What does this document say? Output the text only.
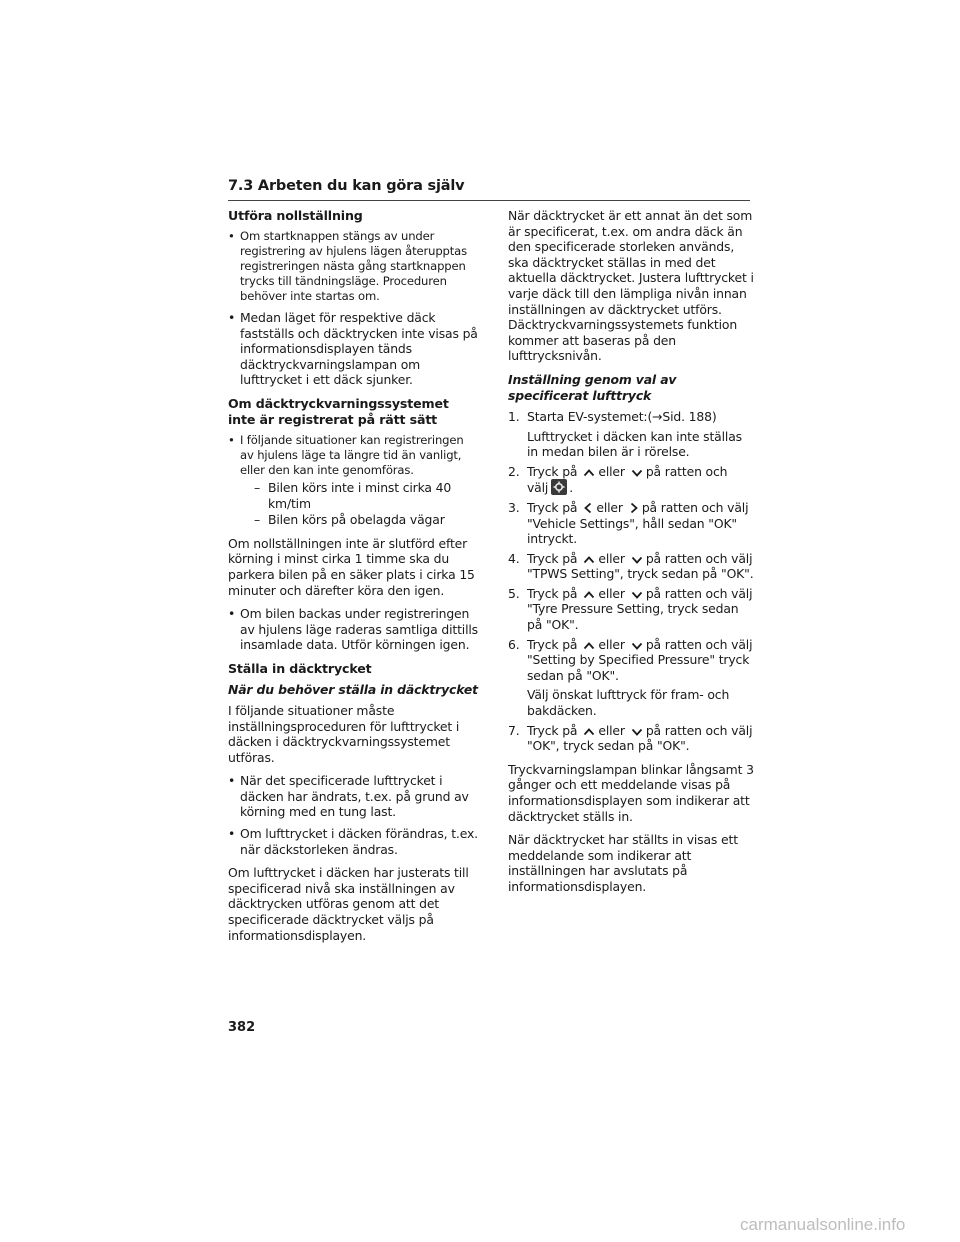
7.3 Arbeten du kan göra själv
Utföra nollställning
• Om startknappen stängs av under registrering av hjulens lägen återupptas registreringen nästa gång startknappen trycks till tändningsläge. Proceduren behöver inte startas om.
• Medan läget för respektive däck fastställs och däcktrycken inte visas på informationsdisplayen tänds däcktryckvarningslampan om lufttrycket i ett däck sjunker.
Om däcktryckvarningssystemet inte är registrerat på rätt sätt
• I följande situationer kan registreringen av hjulens läge ta längre tid än vanligt, eller den kan inte genomföras.
– Bilen körs inte i minst cirka 40 km/tim
– Bilen körs på obelagda vägar

Om nollställningen inte är slutförd efter körning i minst cirka 1 timme ska du parkera bilen på en säker plats i cirka 15 minuter och därefter köra den igen.

• Om bilen backas under registreringen av hjulens läge raderas samtliga dittills insamlade data. Utför körningen igen.
Ställa in däcktrycket
När du behöver ställa in däcktrycket

I följande situationer måste inställningsproceduren för lufttrycket i däcken i däcktryckvarningssystemet utföras.

• När det specificerade lufttrycket i däcken har ändrats, t.ex. på grund av körning med en tung last.
• Om lufttrycket i däcken förändras, t.ex. när däckstorleken ändras.

Om lufttrycket i däcken har justerats till specificerad nivå ska inställningen av däcktrycken utföras genom att det specificerade däcktrycket väljs på informationsdisplayen.

När däcktrycket är ett annat än det som är specificerat, t.ex. om andra däck än den specificerade storleken används, ska däcktrycket ställas in med det aktuella däcktrycket. Justera lufttrycket i varje däck till den lämpliga nivån innan inställningen av däcktrycket utförs. Däcktryckvarningssystemets funktion kommer att baseras på den lufttrycksnivån.

Inställning genom val av specificerat lufttryck
1. Starta EV-systemet:(→Sid. 188)
Lufttrycket i däcken kan inte ställas in medan bilen är i rörelse.
2. Tryck på eller på ratten och
välj .
3. Tryck på eller på ratten och välj "Vehicle Settings", håll sedan "OK" intryckt.
4. Tryck på eller på ratten och välj "TPWS Setting", tryck sedan på "OK".
5. Tryck på eller på ratten och välj "Tyre Pressure Setting, tryck sedan på "OK".
6. Tryck på eller på ratten och välj "Setting by Specified Pressure" tryck sedan på "OK".
Välj önskat lufttryck för fram- och bakdäcken.
7. Tryck på eller på ratten och välj "OK", tryck sedan på "OK".

Tryckvarningslampan blinkar långsamt 3 gånger och ett meddelande visas på informationsdisplayen som indikerar att däcktrycket ställs in.

När däcktrycket har ställts in visas ett meddelande som indikerar att inställningen har avslutats på informationsdisplayen.

382
carmanualsonline.info
